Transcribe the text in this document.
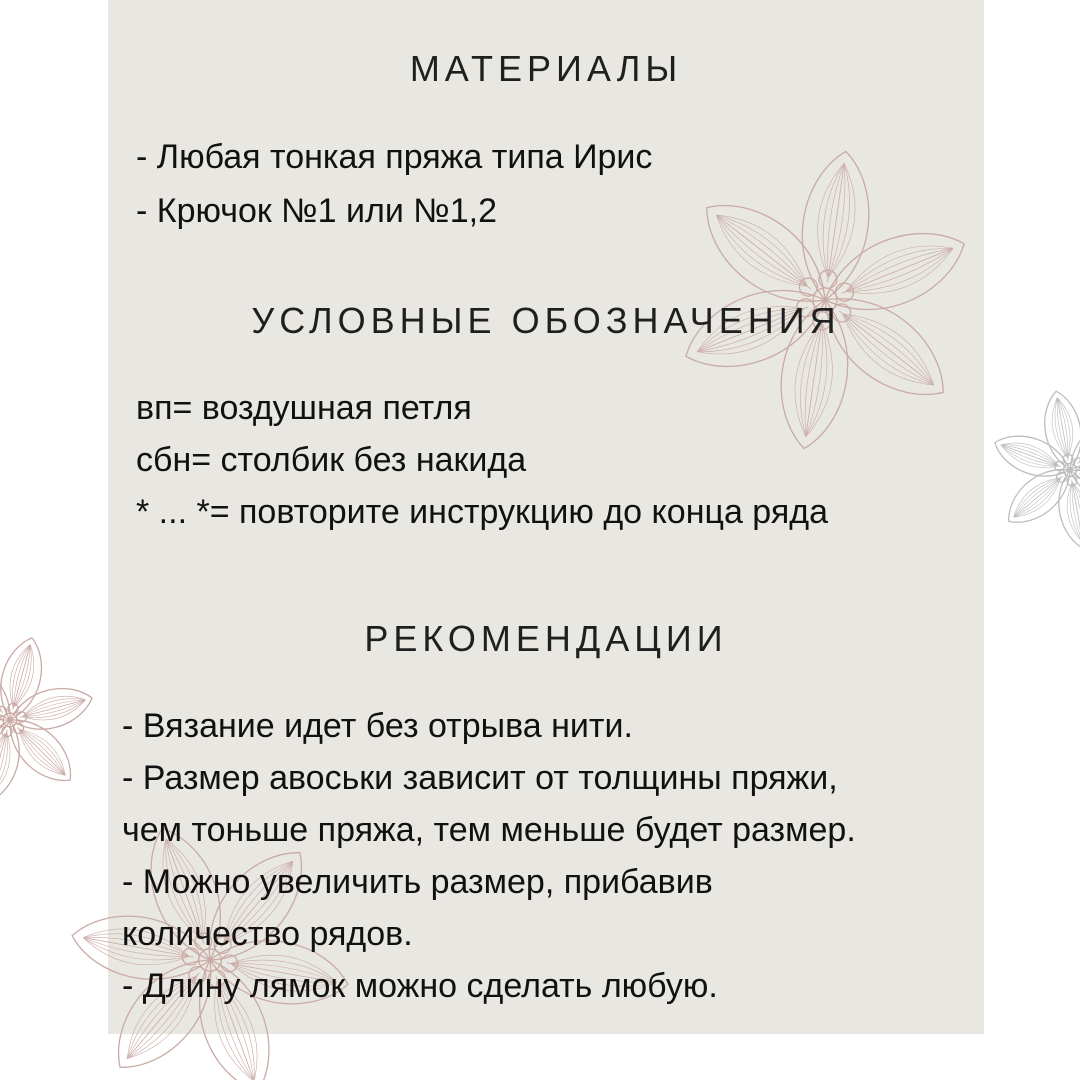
МАТЕРИАЛЫ
- Любая тонкая пряжа типа Ирис
- Крючок №1 или №1,2
УСЛОВНЫЕ ОБОЗНАЧЕНИЯ
вп= воздушная петля
сбн= столбик без накида
* ... *= повторите инструкцию до конца ряда
РЕКОМЕНДАЦИИ
- Вязание идет без отрыва нити.
- Размер авоськи зависит от толщины пряжи,
чем тоньше пряжа, тем меньше будет размер.
- Можно увеличить размер, прибавив
количество рядов.
- Длину лямок можно сделать любую.
